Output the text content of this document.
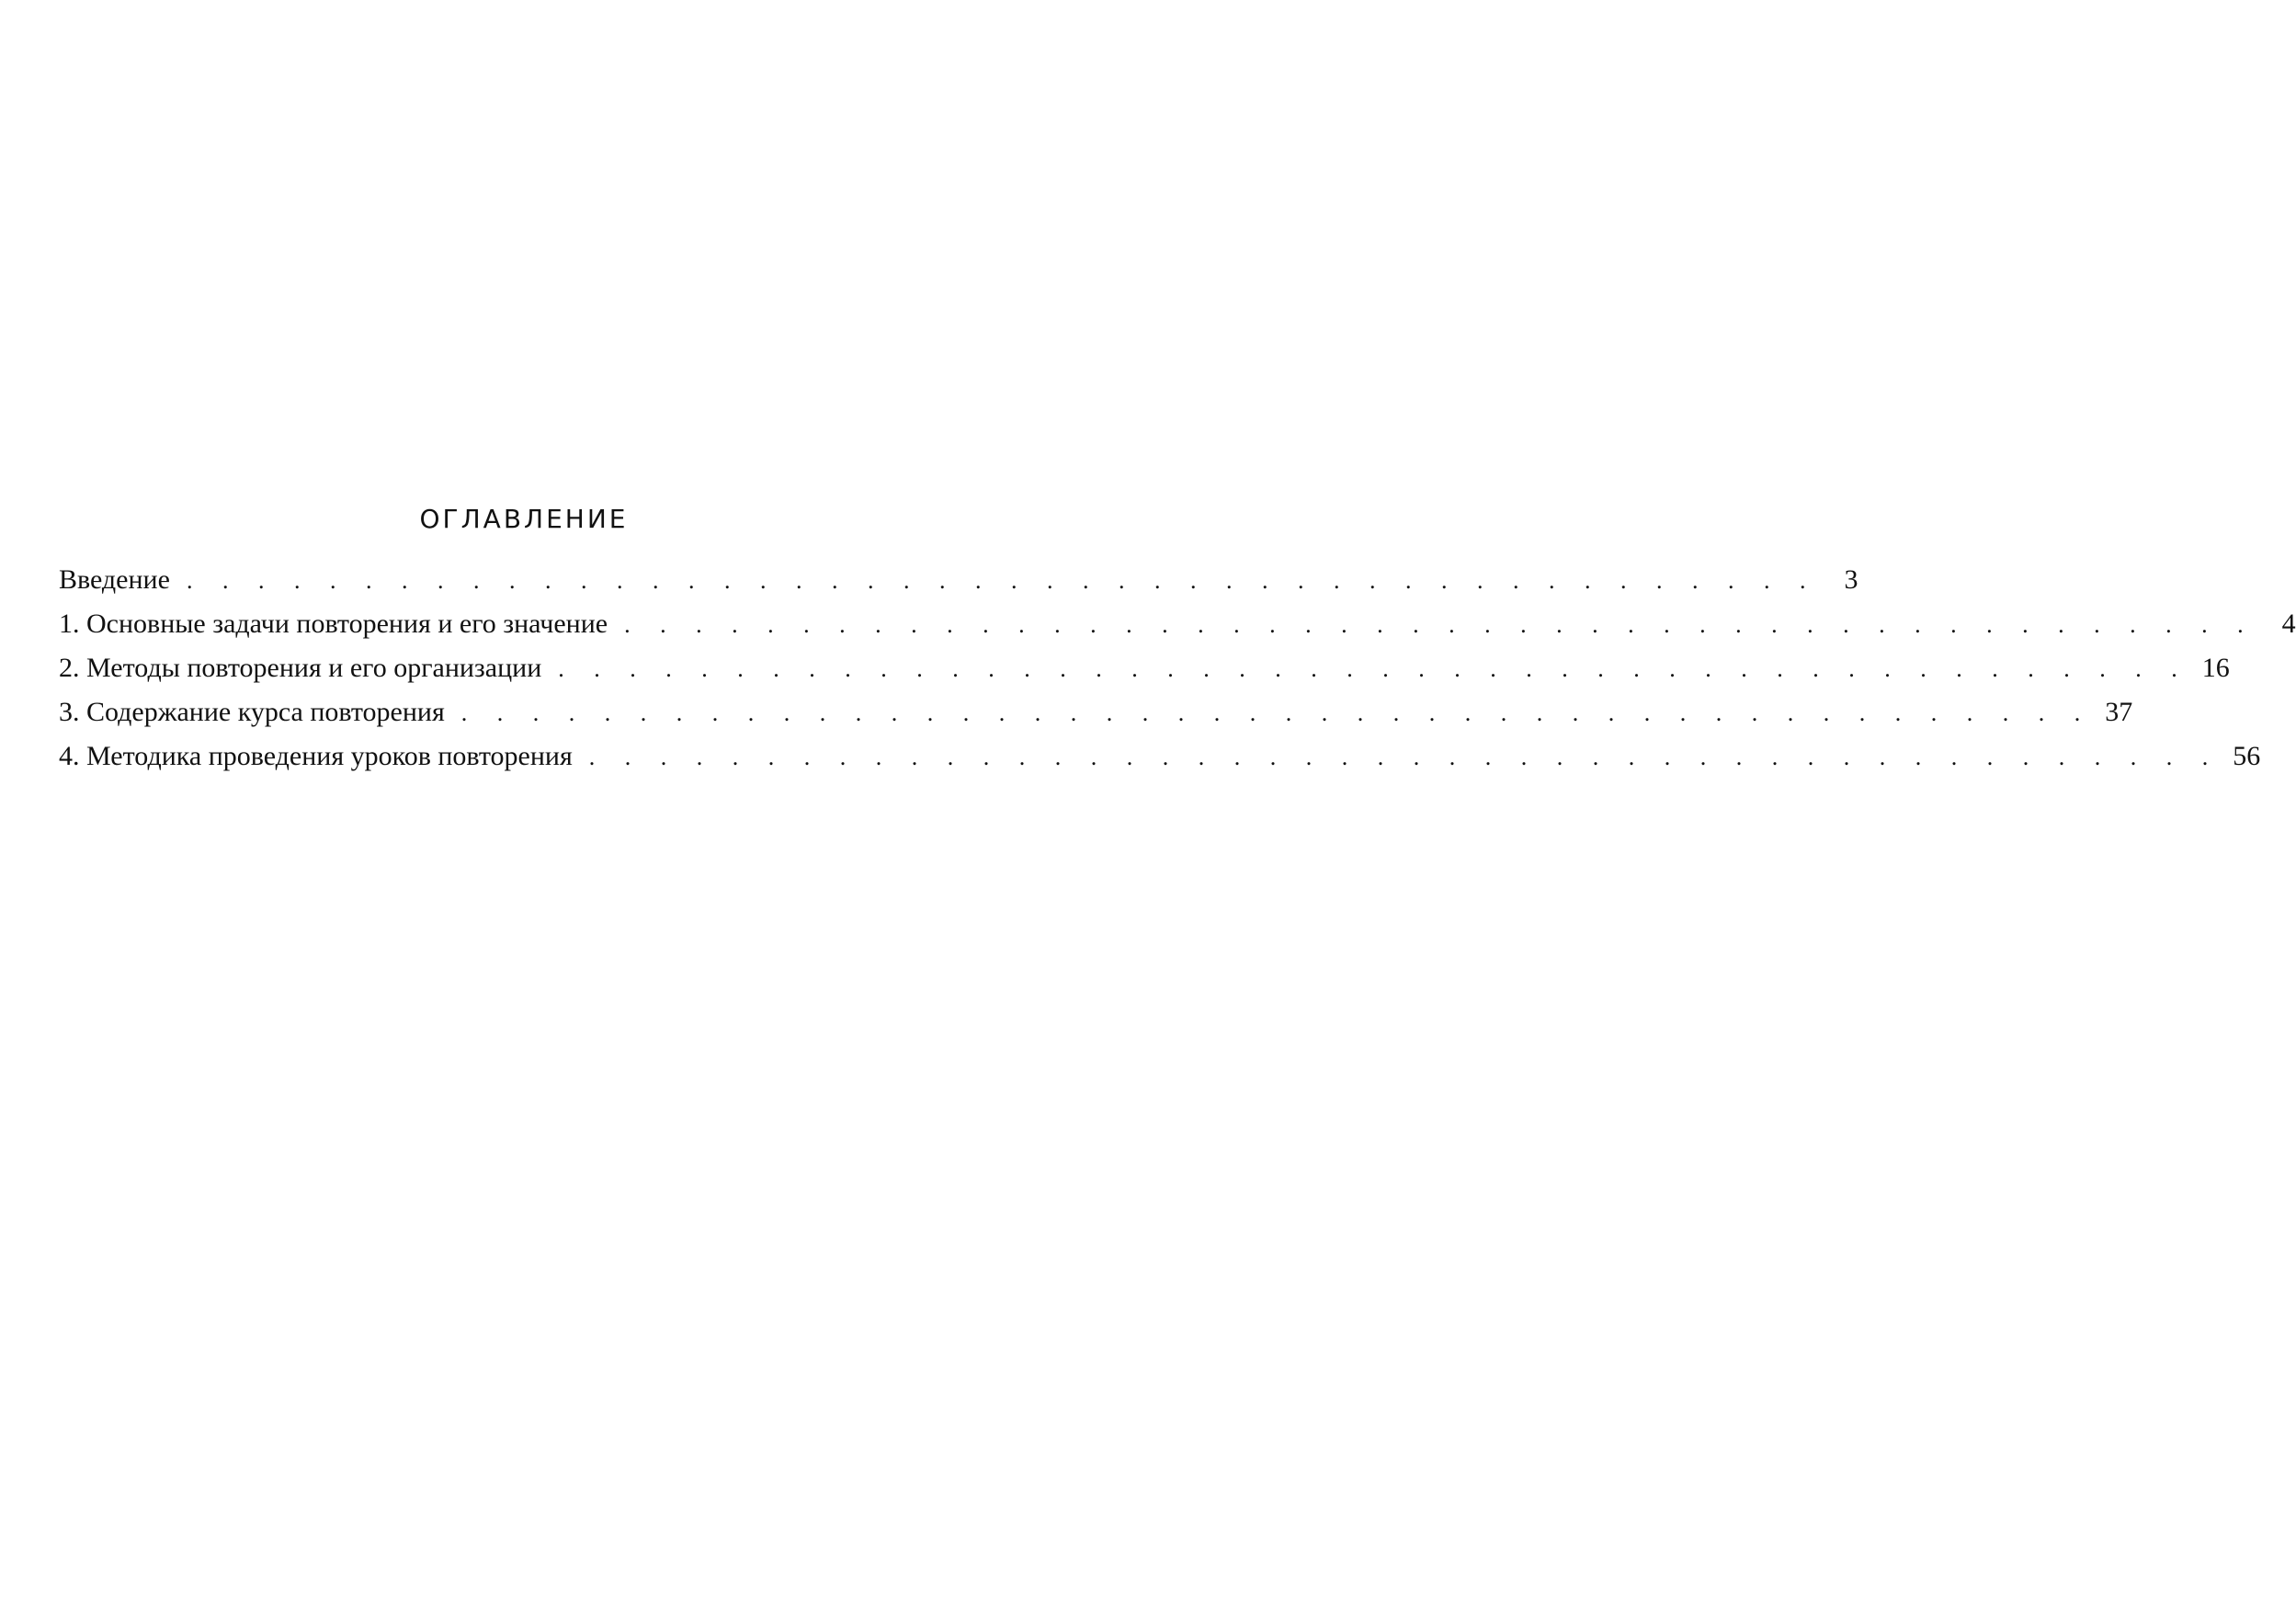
ОГЛАВЛЕНИЕ
Введение . . . . . . . . . . . . . . . . . . . . . . . . . . . . . . . . . . . . . . . . . . . . . . 3
1. Основные задачи повторения и его значение . . . . . . . . . . . . . . . . . . . . . . . . . . . . . . . . . . . . . . . . . . . . . . 4
2. Методы повторения и его организации . . . . . . . . . . . . . . . . . . . . . . . . . . . . . . . . . . . . . . . . . . . . . . 16
3. Содержание курса повторения . . . . . . . . . . . . . . . . . . . . . . . . . . . . . . . . . . . . . . . . . . . . . . 37
4. Методика проведения уроков повторения . . . . . . . . . . . . . . . . . . . . . . . . . . . . . . . . . . . . . . . . . . . . . . 56
